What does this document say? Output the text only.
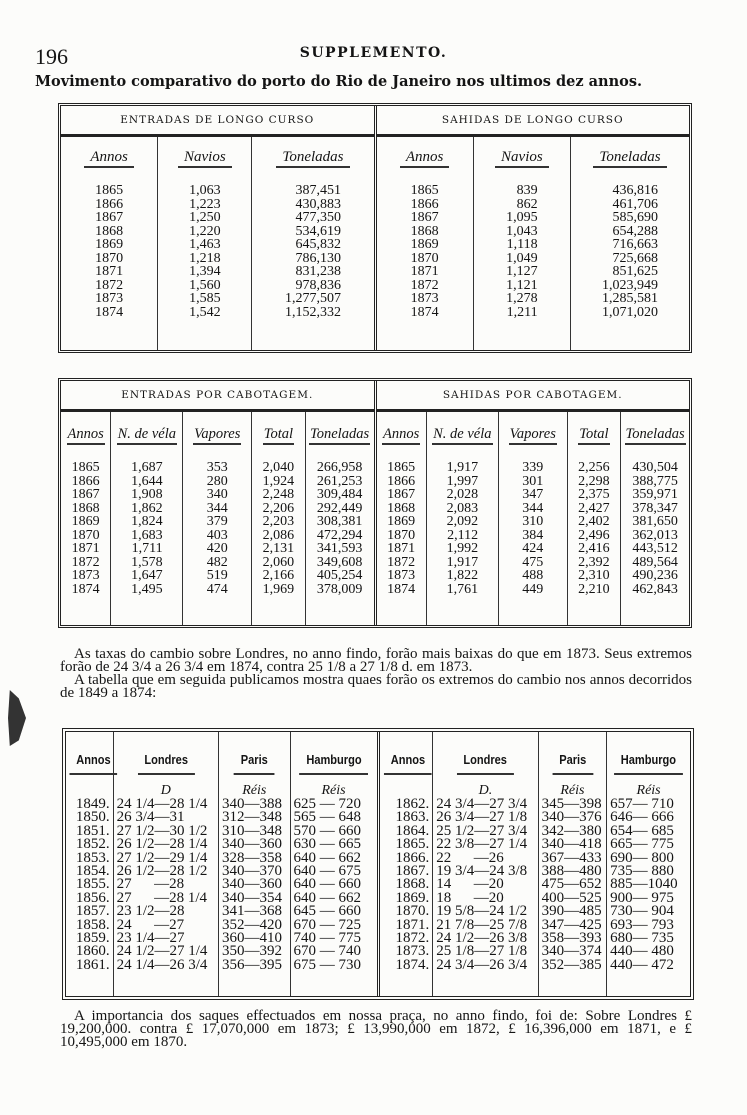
196	SUPPLEMENTO.
Movimento comparativo do porto do Rio de Janeiro nos ultimos dez annos.
ENTRADAS DE LONGO CURSO
Annos
1865
1866
1867
1868
1869
1870
1871
1872
1873
1874
Navios
1,063
1,223
1,250
1,220
1,463
1,218
1,394
1,560
1,585
1,542
Toneladas
387,451
430,883
477,350
534,619
645,832
786,130
831,238
978,836
1,277,507
1,152,332
SAHIDAS DE LONGO CURSO
Annos
1865
1866
1867
1868
1869
1870
1871
1872
1873
1874
Navios
839
862
1,095
1,043
1,118
1,049
1,127
1,121
1,278
1,211
Toneladas
436,816
461,706
585,690
654,288
716,663
725,668
851,625
1,023,949
1,285,581
1,071,020
ENTRADAS POR CABOTAGEM.
Annos
1865
1866
1867
1868
1869
1870
1871
1872
1873
1874
N. de véla
1,687
1,644
1,908
1,862
1,824
1,683
1,711
1,578
1,647
1,495
Vapores
353
280
340
344
379
403
420
482
519
474
Total
2,040
1,924
2,248
2,206
2,203
2,086
2,131
2,060
2,166
1,969
Toneladas
266,958
261,253
309,484
292,449
308,381
472,294
341,593
349,608
405,254
378,009
SAHIDAS POR CABOTAGEM.
Annos
1865
1866
1867
1868
1869
1870
1871
1872
1873
1874
N. de véla
1,917
1,997
2,028
2,083
2,092
2,112
1,992
1,917
1,822
1,761
Vapores
339
301
347
344
310
384
424
475
488
449
Total
2,256
2,298
2,375
2,427
2,402
2,496
2,416
2,392
2,310
2,210
Toneladas
430,504
388,775
359,971
378,347
381,650
362,013
443,512
489,564
490,236
462,843

As taxas do cambio sobre Londres, no anno findo, forão mais baixas do que em 1873. Seus extremos forão de 24 3/4 a 26 3/4 em 1874, contra 25 1/8 a 27 1/8 d. em 1873.

A tabella que em seguida publicamos mostra quaes forão os extremos do cambio nos annos decorridos de 1849 a 1874:

Annos
1849.
1850.
1851.
1852.
1853.
1854.
1855.
1856.
1857.
1858.
1859.
1860.
1861.
Londres
D
24 1/4—28 1/4
26 3/4—31
27 1/2—30 1/2
26 1/2—28 1/4
27 1/2—29 1/4
26 1/2—28 1/2
27      —28
27      —28 1/4
23 1/2—28
24      —27
23 1/4—27
24 1/2—27 1/4
24 1/4—26 3/4
Paris
Réis
340—388
312—348
310—348
340—360
328—358
340—370
340—360
340—354
341—368
352—420
360—410
350—392
356—395
Hamburgo
Réis
625 — 720
565 — 648
570 — 660
630 — 665
640 — 662
640 — 675
640 — 660
640 — 662
645 — 660
670 — 725
740 — 775
670 — 740
675 — 730
Annos
1862.
1863.
1864.
1865.
1866.
1867.
1868.
1869.
1870.
1871.
1872.
1873.
1874.
Londres
D.
24 3/4—27 3/4
26 3/4—27 1/8
25 1/2—27 3/4
22 3/8—27 1/4
22      —26
19 3/4—24 3/8
14      —20
18      —20
19 5/8—24 1/2
21 7/8—25 7/8
24 1/2—26 3/8
25 1/8—27 1/8
24 3/4—26 3/4
Paris
Réis
345—398
340—376
342—380
340—418
367—433
388—480
475—652
400—525
390—485
347—425
358—393
340—374
352—385
Hamburgo
Réis
657— 710
646— 666
654— 685
665— 775
690— 800
735— 880
885—1040
900— 975
730— 904
693— 793
680— 735
440— 480
440— 472

A importancia dos saques effectuados em nossa praça, no anno findo, foi de: Sobre Londres £ 19,200,000. contra £ 17,070,000 em 1873; £ 13,990,000 em 1872, £ 16,396,000 em 1871, e £ 10,495,000 em 1870.
